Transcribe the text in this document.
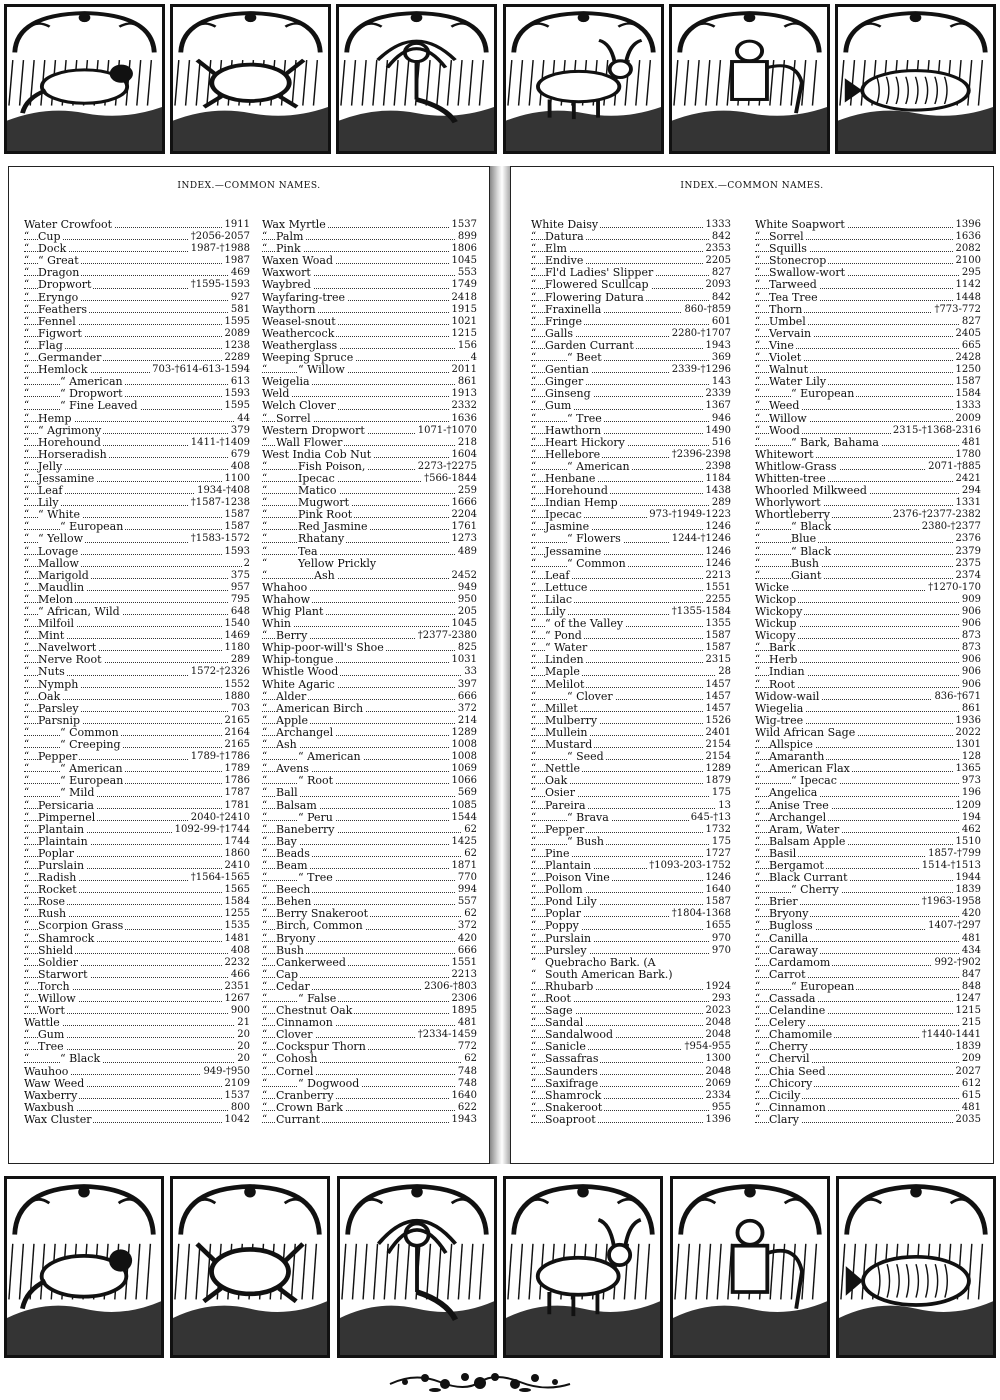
INDEX.—COMMON NAMES.
Water Crowfoot	1911
“ Cup	†2056-2057
“ Dock	1987-†1988
“ “ Great	1987
“ Dragon	469
“ Dropwort	†1595-1593
“ Eryngo	927
“ Feathers	581
“ Fennel	1595
“ Figwort	2089
“ Flag	1238
“ Germander	2289
“ Hemlock	703-†614-613-1594
“	“ American	613
“	“ Dropwort	1593
“	“ Fine Leaved	1595
“ Hemp	44
“ “ Agrimony	379
“ Horehound	1411-†1409
“ Horseradish	679
“ Jelly	408
“ Jessamine	1100
“ Leaf	1934-†408
“ Lily	†1587-1238
“ “ White	1587
“	“ European	1587
“ “ Yellow	†1583-1572
“ Lovage	1593
“ Mallow	2
“ Marigold	375
“ Maudlin	957
“ Melon	795
“ “ African, Wild	648
“ Milfoil	1540
“ Mint	1469
“ Navelwort	1180
“ Nerve Root	289
“ Nuts	1572-†2326
“ Nymph	1552
“ Oak	1880
“ Parsley	703
“ Parsnip	2165
“	“ Common	2164
“	“ Creeping	2165
“ Pepper	1789-†1786
“	“ American	1789
“	“ European	1786
“	“ Mild	1787
“ Persicaria	1781
“ Pimpernel	2040-†2410
“ Plantain	1092-99-†1744
“ Plaintain	1744
“ Poplar	1860
“ Purslain	2410
“ Radish	†1564-1565
“ Rocket	1565
“ Rose	1584
“ Rush	1255
“ Scorpion Grass	1535
“ Shamrock	1481
“ Shield	408
“ Soldier	2232
“ Starwort	466
“ Torch	2351
“ Willow	1267
“ Wort	900
Wattle	21
“ Gum	20
“ Tree	20
“	“ Black	20
Wauhoo	949-†950
Waw Weed	2109
Waxberry	1537
Waxbush	800
Wax Cluster	1042
Wax Myrtle	1537
“ Palm	899
“ Pink	1806
Waxen Woad	1045
Waxwort	553
Waybred	1749
Wayfaring-tree	2418
Waythorn	1915
Weasel-snout	1021
Weathercock	1215
Weatherglass	156
Weeping Spruce	4
“	“ Willow	2011
Weigelia	861
Weld	1913
Welch Clover	2332
“ Sorrel	1636
Western Dropwort	1071-†1070
“ Wall Flower	218
West India Cob Nut	1604
“	Fish Poison,	2273-†2275
“	Ipecac	†566-1844
“	Matico	259
“	Mugwort	1666
“	Pink Root	2204
“	Red Jasmine	1761
“	Rhatany	1273
“	Tea	489
“	Yellow Prickly
“	Ash	2452
Whahoo	949
Whahow	950
Whig Plant	205
Whin	1045
“ Berry	†2377-2380
Whip-poor-will's Shoe	825
Whip-tongue	1031
Whistle Wood	33
White Agaric	397
“ Alder	666
“ American Birch	372
“ Apple	214
“ Archangel	1289
“ Ash	1008
“	“ American	1008
“ Avens	1069
“	“ Root	1066
“ Ball	569
“ Balsam	1085
“	“ Peru	1544
“ Baneberry	62
“ Bay	1425
“ Beads	62
“ Beam	1871
“	“ Tree	770
“ Beech	994
“ Behen	557
“ Berry Snakeroot	62
“ Birch, Common	372
“ Bryony	420
“ Bush	666
“ Cankerweed	1551
“ Cap	2213
“ Cedar	2306-†803
“	“ False	2306
“ Chestnut Oak	1895
“ Cinnamon	481
“ Clover	†2334-1459
“ Cockspur Thorn	772
“ Cohosh	62
“ Cornel	748
“	“ Dogwood	748
“ Cranberry	1640
“ Crown Bark	622
“ Currant	1943
INDEX.—COMMON NAMES.
White Daisy	1333
“ Datura	842
“ Elm	2353
“ Endive	2205
“ Fl'd Ladies' Slipper	827
“ Flowered Scullcap	2093
“ Flowering Datura	842
“ Fraxinella	860-†859
“ Fringe	601
“ Galls	2280-†1707
“ Garden Currant	1943
“	“ Beet	369
“ Gentian	2339-†1296
“ Ginger	143
“ Ginseng	2339
“ Gum	1367
“	“ Tree	946
“ Hawthorn	1490
“ Heart Hickory	516
“ Hellebore	†2396-2398
“	“ American	2398
“ Henbane	1184
“ Horehound	1438
“ Indian Hemp	289
“ Ipecac	973-†1949-1223
“ Jasmine	1246
“	“ Flowers	1244-†1246
“ Jessamine	1246
“	“ Common	1246
“ Leaf	2213
“ Lettuce	1551
“ Lilac	2255
“ Lily	†1355-1584
“ “ of the Valley	1355
“ “ Pond	1587
“ “ Water	1587
“ Linden	2315
“ Maple	28
“ Melilot	1457
“	“ Clover	1457
“ Millet	1457
“ Mulberry	1526
“ Mullein	2401
“ Mustard	2154
“	“ Seed	2154
“ Nettle	1289
“ Oak	1879
“ Osier	175
“ Pareira	13
“	“ Brava	645-†13
“ Pepper	1732
“	“ Bush	175
“ Pine	1727
“ Plantain	†1093-203-1752
“ Poison Vine	1246
“ Pollom	1640
“ Pond Lily	1587
“ Poplar	†1804-1368
“ Poppy	1655
“ Purslain	970
“ Pursley	970
“ Quebracho Bark. (A
“ South American Bark.)
“ Rhubarb	1924
“ Root	293
“ Sage	2023
“ Sandal	2048
“ Sandalwood	2048
“ Sanicle	†954-955
“ Sassafras	1300
“ Saunders	2048
“ Saxifrage	2069
“ Shamrock	2334
“ Snakeroot	955
“ Soaproot	1396
White Soapwort	1396
“ Sorrel	1636
“ Squills	2082
“ Stonecrop	2100
“ Swallow-wort	295
“ Tarweed	1142
“ Tea Tree	1448
“ Thorn	†773-772
“ Umbel	827
“ Vervain	2405
“ Vine	665
“ Violet	2428
“ Walnut	1250
“ Water Lily	1587
“	“ European	1584
“ Weed	1333
“ Willow	2009
“ Wood	2315-†1368-2316
“	“ Bark, Bahama	481
Whitewort	1780
Whitlow-Grass	2071-†885
Whitten-tree	2421
Whoorled Milkweed	294
Whorlywort	1331
Whortleberry	2376-†2377-2382
“	“ Black	2380-†2377
“	Blue	2376
“	“ Black	2379
“	Bush	2375
“	Giant	2374
Wicke	†1270-170
Wickop	909
Wickopy	906
Wickup	906
Wicopy	873
“ Bark	873
“ Herb	906
“ Indian	906
“ Root	906
Widow-wail	836-†671
Wiegelia	861
Wig-tree	1936
Wild African Sage	2022
“ Allspice	1301
“ Amaranth	128
“ American Flax	1365
“	“ Ipecac	973
“ Angelica	196
“ Anise Tree	1209
“ Archangel	194
“ Aram, Water	462
“ Balsam Apple	1510
“ Basil	1857-†799
“ Bergamot	1514-†1513
“ Black Currant	1944
“	“ Cherry	1839
“ Brier	†1963-1958
“ Bryony	420
“ Bugloss	1407-†297
“ Canilla	481
“ Caraway	434
“ Cardamom	992-†902
“ Carrot	847
“	“ European	848
“ Cassada	1247
“ Celandine	1215
“ Celery	215
“ Chamomile	†1440-1441
“ Cherry	1839
“ Chervil	209
“ Chia Seed	2027
“ Chicory	612
“ Cicily	615
“ Cinnamon	481
“ Clary	2035
